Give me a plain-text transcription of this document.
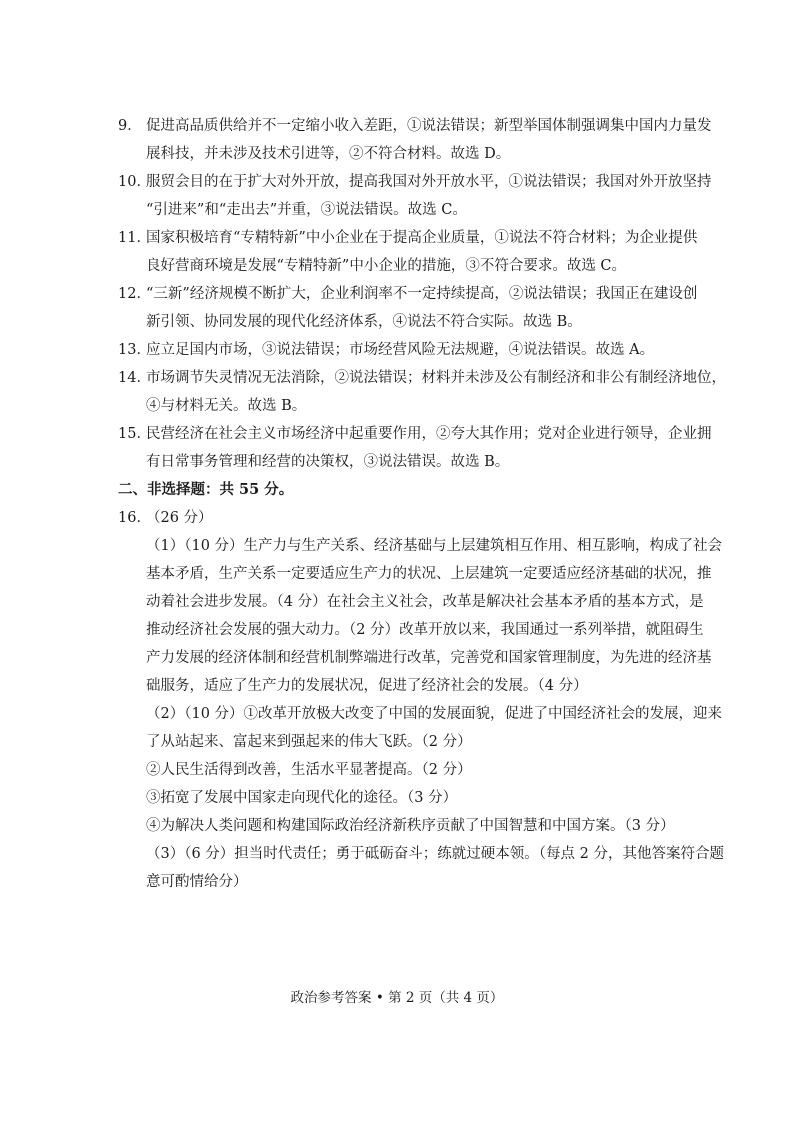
9． 促进高品质供给并不一定缩小收入差距，①说法错误；新型举国体制强调集中国内力量发
展科技，并未涉及技术引进等，②不符合材料。故选 D。
10．
服贸会目的在于扩大对外开放，提高我国对外开放水平，①说法错误；我国对外开放坚持
“引进来”和“走出去”并重，③说法错误。故选 C。
11．
国家积极培育“专精特新”中小企业在于提高企业质量，①说法不符合材料；为企业提供
良好营商环境是发展“专精特新”中小企业的措施，③不符合要求。故选 C。
12．
“三新”经济规模不断扩大，企业利润率不一定持续提高，②说法错误；我国正在建设创
新引领、协同发展的现代化经济体系，④说法不符合实际。故选 B。
13．
应立足国内市场，③说法错误；市场经营风险无法规避，④说法错误。故选 A。
14．
市场调节失灵情况无法消除，②说法错误；材料并未涉及公有制经济和非公有制经济地位，
④与材料无关。故选 B。
15．
民营经济在社会主义市场经济中起重要作用，②夸大其作用；党对企业进行领导，企业拥
有日常事务管理和经营的决策权，③说法错误。故选 B。
二、非选择题：共 55 分。
16．
（26 分）
（1）（10 分）生产力与生产关系、经济基础与上层建筑相互作用、相互影响，构成了社会
基本矛盾，生产关系一定要适应生产力的状况、上层建筑一定要适应经济基础的状况，推
动着社会进步发展。（4 分）在社会主义社会，改革是解决社会基本矛盾的基本方式，是
推动经济社会发展的强大动力。（2 分）改革开放以来，我国通过一系列举措，就阻碍生
产力发展的经济体制和经营机制弊端进行改革，完善党和国家管理制度，为先进的经济基
础服务，适应了生产力的发展状况，促进了经济社会的发展。（4 分）
（2）（10 分）①改革开放极大改变了中国的发展面貌，促进了中国经济社会的发展，迎来
了从站起来、富起来到强起来的伟大飞跃。（2 分）
②人民生活得到改善，生活水平显著提高。（2 分）
③拓宽了发展中国家走向现代化的途径。（3 分）
④为解决人类问题和构建国际政治经济新秩序贡献了中国智慧和中国方案。（3 分）
（3）（6 分）担当时代责任；勇于砥砺奋斗；练就过硬本领。（每点 2 分，其他答案符合题
意可酌情给分）
政治参考答案 • 第 2 页（共 4 页）
